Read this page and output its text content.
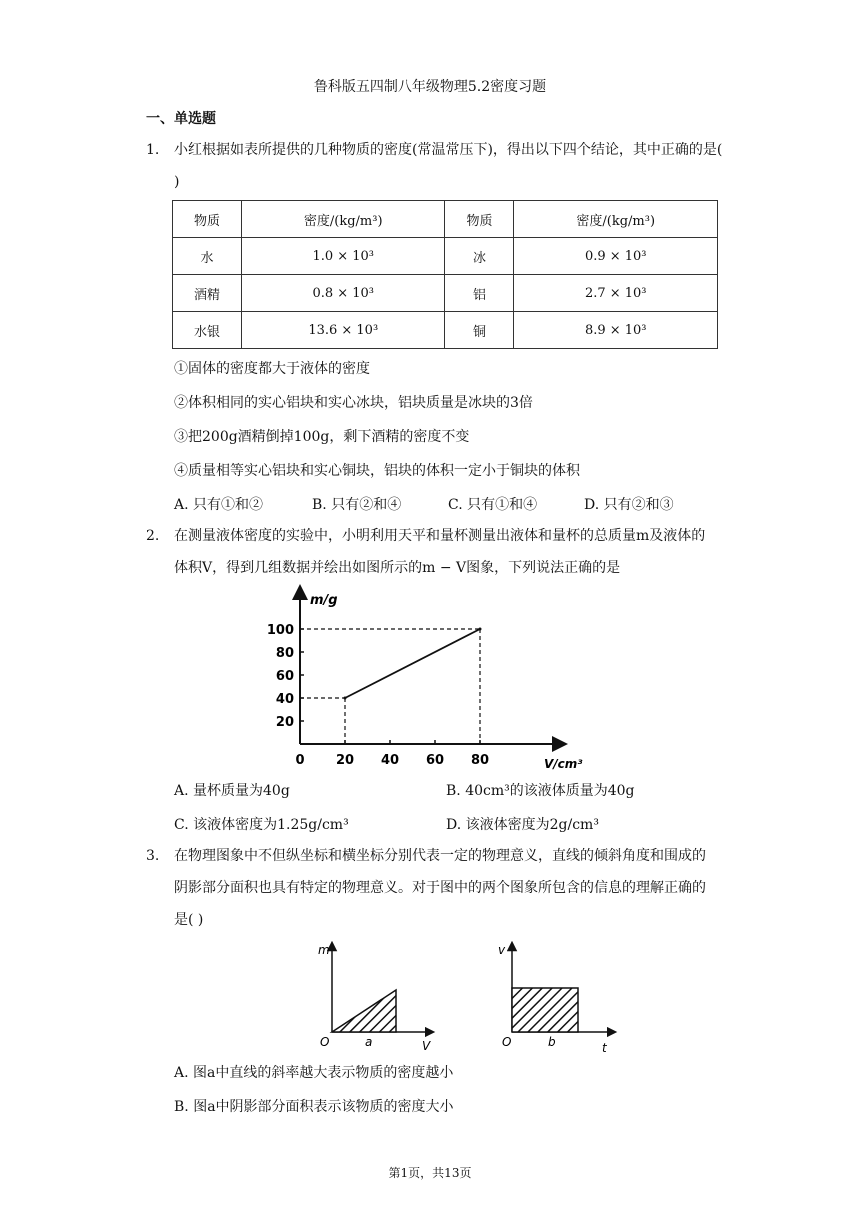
鲁科版五四制八年级物理5.2密度习题
一、单选题
1. 小红根据如表所提供的几种物质的密度(常温常压下)，得出以下四个结论，其中正确的是( )
物质	密度/(kg/m³)	物质	密度/(kg/m³)
水	1.0 × 10³	冰	0.9 × 10³
酒精	0.8 × 10³	铝	2.7 × 10³
水银	13.6 × 10³	铜	8.9 × 10³
①固体的密度都大于液体的密度
②体积相同的实心铝块和实心冰块，铝块质量是冰块的3倍
③把200g酒精倒掉100g，剩下酒精的密度不变
④质量相等实心铝块和实心铜块，铝块的体积一定小于铜块的体积
A. 只有①和②	B. 只有②和④	C. 只有①和④	D. 只有②和③
2. 在测量液体密度的实验中，小明利用天平和量杯测量出液体和量杯的总质量m及液体的体积V，得到几组数据并绘出如图所示的m − V图象，下列说法正确的是
m/g
V/cm³
0 20 40 60 80
20
40
60
80
100
A. 量杯质量为40g	B. 40cm³的该液体质量为40g
C. 该液体密度为1.25g/cm³	D. 该液体密度为2g/cm³
3. 在物理图象中不但纵坐标和横坐标分别代表一定的物理意义，直线的倾斜角度和围成的阴影部分面积也具有特定的物理意义。对于图中的两个图象所包含的信息的理解正确的是( )
m
V
O	a
v
t
O	b
A. 图a中直线的斜率越大表示物质的密度越小
B. 图a中阴影部分面积表示该物质的密度大小
第1页，共13页
